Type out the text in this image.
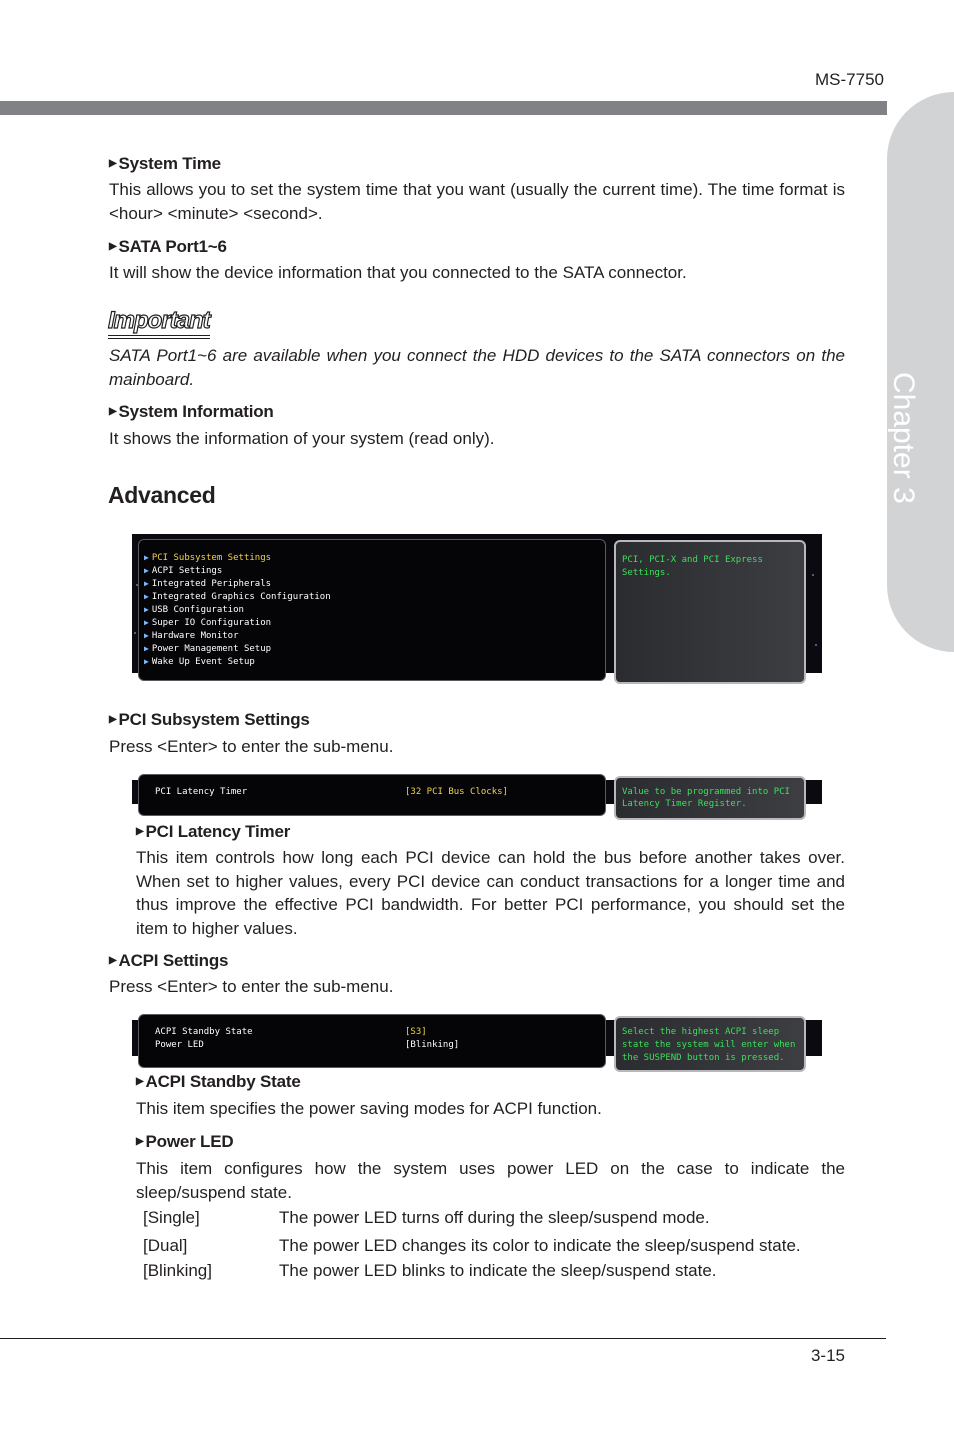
MS-7750
Chapter 3
▶ System Time
This allows you to set the system time that you want (usually the current time). The time format is <hour> <minute> <second>.
▶ SATA Port1~6
It will show the device information that you connected to the SATA connector.
Important
SATA Port1~6 are available when you connect the HDD devices to the SATA connectors on the mainboard.
▶ System Information
It shows the information of your system (read only).
Advanced
▶ PCI Subsystem Settings
▶ ACPI Settings
▶ Integrated Peripherals
▶ Integrated Graphics Configuration
▶ USB Configuration
▶ Super IO Configuration
▶ Hardware Monitor
▶ Power Management Setup
▶ Wake Up Event Setup
PCI, PCI-X and PCI Express
Settings.
▶ PCI Subsystem Settings
Press <Enter> to enter the sub-menu.
PCI Latency Timer	[32 PCI Bus Clocks]	Value to be programmed into PCI
Latency Timer Register.
▶ PCI Latency Timer
This item controls how long each PCI device can hold the bus before another takes over. When set to higher values, every PCI device can conduct transactions for a longer time and thus improve the effective PCI bandwidth. For better PCI performance, you should set the item to higher values.
▶ ACPI Settings
Press <Enter> to enter the sub-menu.
ACPI Standby State	[S3]
Power LED	[Blinking]
Select the highest ACPI sleep
state the system will enter when
the SUSPEND button is pressed.
▶ ACPI Standby State
This item specifies the power saving modes for ACPI function.
▶ Power LED
This item configures how the system uses power LED on the case to indicate the sleep/suspend state.
[Single]	The power LED turns off during the sleep/suspend mode.
[Dual]	The power LED changes its color to indicate the sleep/suspend state.
[Blinking]	The power LED blinks to indicate the sleep/suspend state.
3-15
